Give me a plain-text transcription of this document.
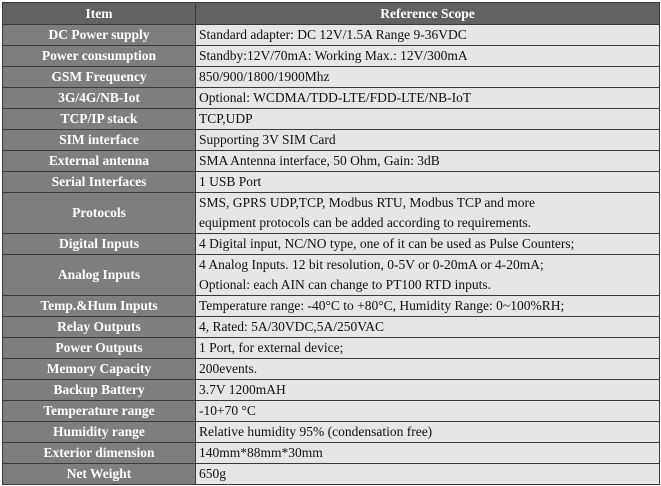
Item	Reference Scope
DC Power supply	Standard adapter: DC 12V/1.5A Range 9-36VDC

Power consumption	Standby:12V/70mA: Working Max.: 12V/300mA

GSM Frequency	850/900/1800/1900Mhz

3G/4G/NB-Iot	Optional: WCDMA/TDD-LTE/FDD-LTE/NB-IoT

TCP/IP stack	TCP,UDP

SIM interface	Supporting 3V SIM Card

External antenna	SMA Antenna interface, 50 Ohm, Gain: 3dB

Serial Interfaces	1 USB Port

Protocols	SMS, GPRS UDP,TCP, Modbus RTU, Modbus TCP and more
equipment protocols can be added according to requirements.

Digital Inputs	4 Digital input, NC/NO type, one of it can be used as Pulse Counters;

Analog Inputs	4 Analog Inputs. 12 bit resolution, 0-5V or 0-20mA or 4-20mA;
Optional: each AIN can change to PT100 RTD inputs.

Temp.&Hum Inputs	Temperature range: -40°C to +80°C, Humidity Range: 0~100%RH;

Relay Outputs	4, Rated: 5A/30VDC,5A/250VAC

Power Outputs	1 Port, for external device;

Memory Capacity	200events.

Backup Battery	3.7V 1200mAH

Temperature range	-10+70 °C

Humidity range	Relative humidity 95% (condensation free)

Exterior dimension	140mm*88mm*30mm

Net Weight	650g
